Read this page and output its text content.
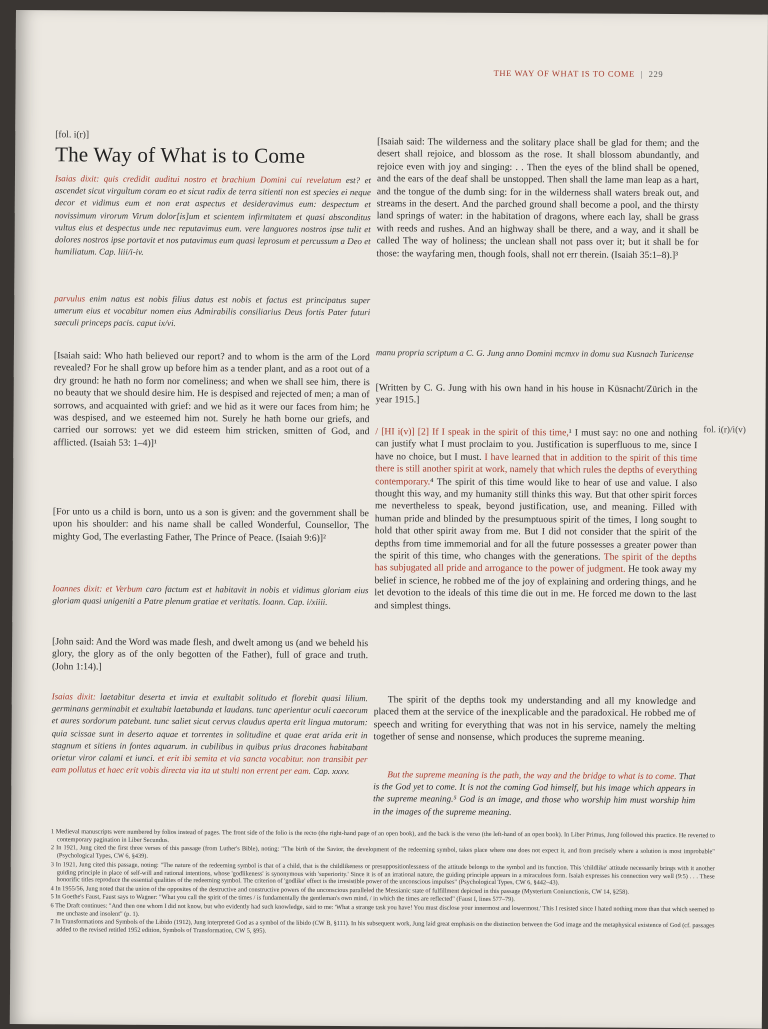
THE WAY OF WHAT IS TO COME | 229
[fol. i(r)]
The Way of What is to Come

Isaias dixit: quis credidit auditui nostro et brachium Domini cui revelatum est? et ascendet sicut virgultum coram eo et sicut radix de terra sitienti non est species ei neque decor et vidimus eum et non erat aspectus et desideravimus eum: despectum et novissimum virorum Virum dolor[is]um et scientem infirmitatem et quasi absconditus vultus eius et despectus unde nec reputavimus eum. vere languores nostros ipse tulit et dolores nostros ipse portavit et nos putavimus eum quasi leprosum et percussum a Deo et humiliatum. Cap. liii/i-iv.

parvulus enim natus est nobis filius datus est nobis et factus est principatus super umerum eius et vocabitur nomen eius Admirabilis consiliarius Deus fortis Pater futuri saeculi princeps pacis. caput ix/vi.

[Isaiah said: Who hath believed our report? and to whom is the arm of the Lord revealed? For he shall grow up before him as a tender plant, and as a root out of a dry ground: he hath no form nor comeliness; and when we shall see him, there is no beauty that we should desire him. He is despised and rejected of men; a man of sorrows, and acquainted with grief: and we hid as it were our faces from him; he was despised, and we esteemed him not. Surely he hath borne our griefs, and carried our sorrows: yet we did esteem him stricken, smitten of God, and afflicted. (Isaiah 53: 1–4)]¹

[For unto us a child is born, unto us a son is given: and the government shall be upon his shoulder: and his name shall be called Wonderful, Counsellor, The mighty God, The everlasting Father, The Prince of Peace. (Isaiah 9:6)]²

Ioannes dixit: et Verbum caro factum est et habitavit in nobis et vidimus gloriam eius gloriam quasi unigeniti a Patre plenum gratiae et veritatis. Ioann. Cap. i/xiiii.

[John said: And the Word was made flesh, and dwelt among us (and we beheld his glory, the glory as of the only begotten of the Father), full of grace and truth. (John 1:14).]

Isaias dixit: laetabitur deserta et invia et exultabit solitudo et florebit quasi lilium. germinans germinabit et exultabit laetabunda et laudans. tunc aperientur oculi caecorum et aures sordorum patebunt. tunc saliet sicut cervus claudus aperta erit lingua mutorum: quia scissae sunt in deserto aquae et torrentes in solitudine et quae erat arida erit in stagnum et sitiens in fontes aquarum. in cubilibus in quibus prius dracones habitabant orietur viror calami et iunci. et erit ibi semita et via sancta vocabitur. non transibit per eam pollutus et haec erit vobis directa via ita ut stulti non errent per eam. Cap. xxxv.

[Isaiah said: The wilderness and the solitary place shall be glad for them; and the desert shall rejoice, and blossom as the rose. It shall blossom abundantly, and rejoice even with joy and singing: . . Then the eyes of the blind shall be opened, and the ears of the deaf shall be unstopped. Then shall the lame man leap as a hart, and the tongue of the dumb sing: for in the wilderness shall waters break out, and streams in the desert. And the parched ground shall become a pool, and the thirsty land springs of water: in the habitation of dragons, where each lay, shall be grass with reeds and rushes. And an highway shall be there, and a way, and it shall be called The way of holiness; the unclean shall not pass over it; but it shall be for those: the wayfaring men, though fools, shall not err therein. (Isaiah 35:1–8).]³

manu propria scriptum a C. G. Jung anno Domini mcmxv in domu sua Kusnach Turicense

[Written by C. G. Jung with his own hand in his house in Küsnacht/Zürich in the year 1915.]

/ [HI i(v)] [2] If I speak in the spirit of this time,¹ I must say: no one and nothing can justify what I must proclaim to you. Justification is superfluous to me, since I have no choice, but I must. I have learned that in addition to the spirit of this time there is still another spirit at work, namely that which rules the depths of everything contemporary.⁴ The spirit of this time would like to hear of use and value. I also thought this way, and my humanity still thinks this way. But that other spirit forces me nevertheless to speak, beyond justification, use, and meaning. Filled with human pride and blinded by the presumptuous spirit of the times, I long sought to hold that other spirit away from me. But I did not consider that the spirit of the depths from time immemorial and for all the future possesses a greater power than the spirit of this time, who changes with the generations. The spirit of the depths has subjugated all pride and arrogance to the power of judgment. He took away my belief in science, he robbed me of the joy of explaining and ordering things, and he let devotion to the ideals of this time die out in me. He forced me down to the last and simplest things.

The spirit of the depths took my understanding and all my knowledge and placed them at the service of the inexplicable and the paradoxical. He robbed me of speech and writing for everything that was not in his service, namely the melting together of sense and nonsense, which produces the supreme meaning.

But the supreme meaning is the path, the way and the bridge to what is to come. That is the God yet to come. It is not the coming God himself, but his image which appears in the supreme meaning.⁵ God is an image, and those who worship him must worship him in the images of the supreme meaning.

fol. i(r)/i(v)

1 Medieval manuscripts were numbered by folios instead of pages. The front side of the folio is the recto (the right-hand page of an open book), and the back is the verso (the left-hand of an open book). In Liber Primus, Jung followed this practice. He reverted to contemporary pagination in Liber Secundus.

2 In 1921, Jung cited the first three verses of this passage (from Luther's Bible), noting: "The birth of the Savior, the development of the redeeming symbol, takes place where one does not expect it, and from precisely where a solution is most improbable" (Psychological Types, CW 6, §439).

3 In 1921, Jung cited this passage, noting: "The nature of the redeeming symbol is that of a child, that is the childlikeness or presuppositionlessness of the attitude belongs to the symbol and its function. This 'childlike' attitude necessarily brings with it another guiding principle in place of self-will and rational intentions, whose 'godlikeness' is synonymous with 'superiority.' Since it is of an irrational nature, the guiding principle appears in a miraculous form. Isaiah expresses his connection very well (9:5) . . . These honorific titles reproduce the essential qualities of the redeeming symbol. The criterion of 'godlike' effect is the irresistible power of the unconscious impulses" (Psychological Types, CW 6, §442–43).

4 In 1955/56, Jung noted that the union of the opposites of the destructive and constructive powers of the unconscious paralleled the Messianic state of fulfillment depicted in this passage (Mysterium Coniunctionis, CW 14, §258).

5 In Goethe's Faust, Faust says to Wagner: "What you call the spirit of the times / is fundamentally the gentleman's own mind, / in which the times are reflected" (Faust I, lines 577–79).

6 The Draft continues: "And then one whom I did not know, but who evidently had such knowledge, said to me: 'What a strange task you have! You must disclose your innermost and lowermost.' This I resisted since I hated nothing more than that which seemed to me unchaste and insolent" (p. 1).

7 In Transformations and Symbols of the Libido (1912), Jung interpreted God as a symbol of the libido (CW B, §111). In his subsequent work, Jung laid great emphasis on the distinction between the God image and the metaphysical existence of God (cf. passages added to the revised retitled 1952 edition, Symbols of Transformation, CW 5, §95).
